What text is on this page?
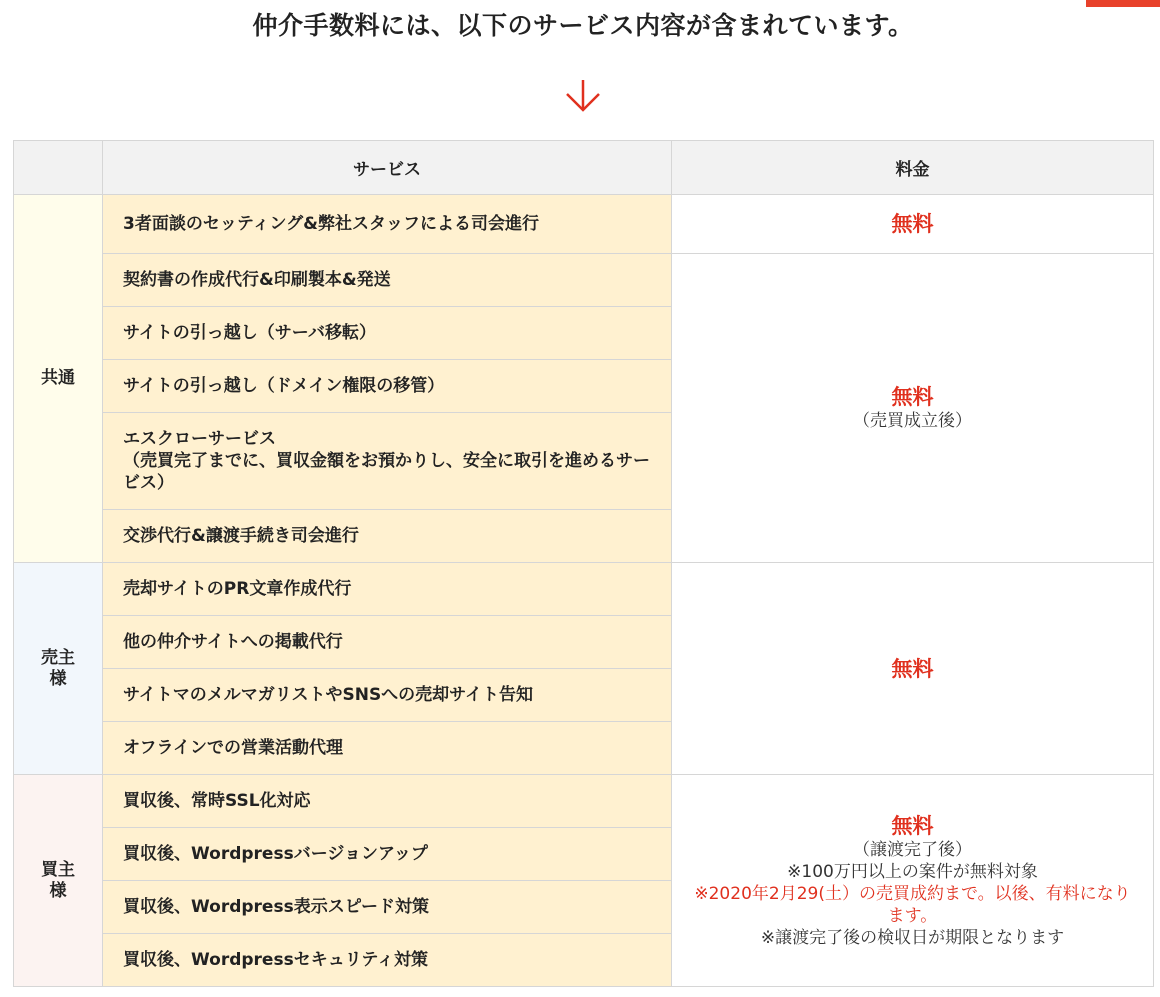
仲介手数料には、以下のサービス内容が含まれています。
	サービス	料金
共通	3者面談のセッティング&弊社スタッフによる司会進行	無料
	契約書の作成代行&印刷製本&発送	無料
（売買成立後）

	サイトの引っ越し（サーバ移転）	
	サイトの引っ越し（ドメイン権限の移管）	
	エスクローサービス
（売買完了までに、買収金額をお預かりし、安全に取引を進めるサービス）	
	交渉代行&譲渡手続き司会進行	
売主様	売却サイトのPR文章作成代行	無料
	他の仲介サイトへの掲載代行	
	サイトマのメルマガリストやSNSへの売却サイト告知	
	オフラインでの営業活動代理	
買主様	買収後、常時SSL化対応	無料
（譲渡完了後）
※100万円以上の案件が無料対象
※2020年2月29(土）の売買成約まで。以後、有料になります。
※譲渡完了後の検収日が期限となります

	買収後、Wordpressバージョンアップ	
	買収後、Wordpress表示スピード対策	
	買収後、Wordpressセキュリティ対策	
